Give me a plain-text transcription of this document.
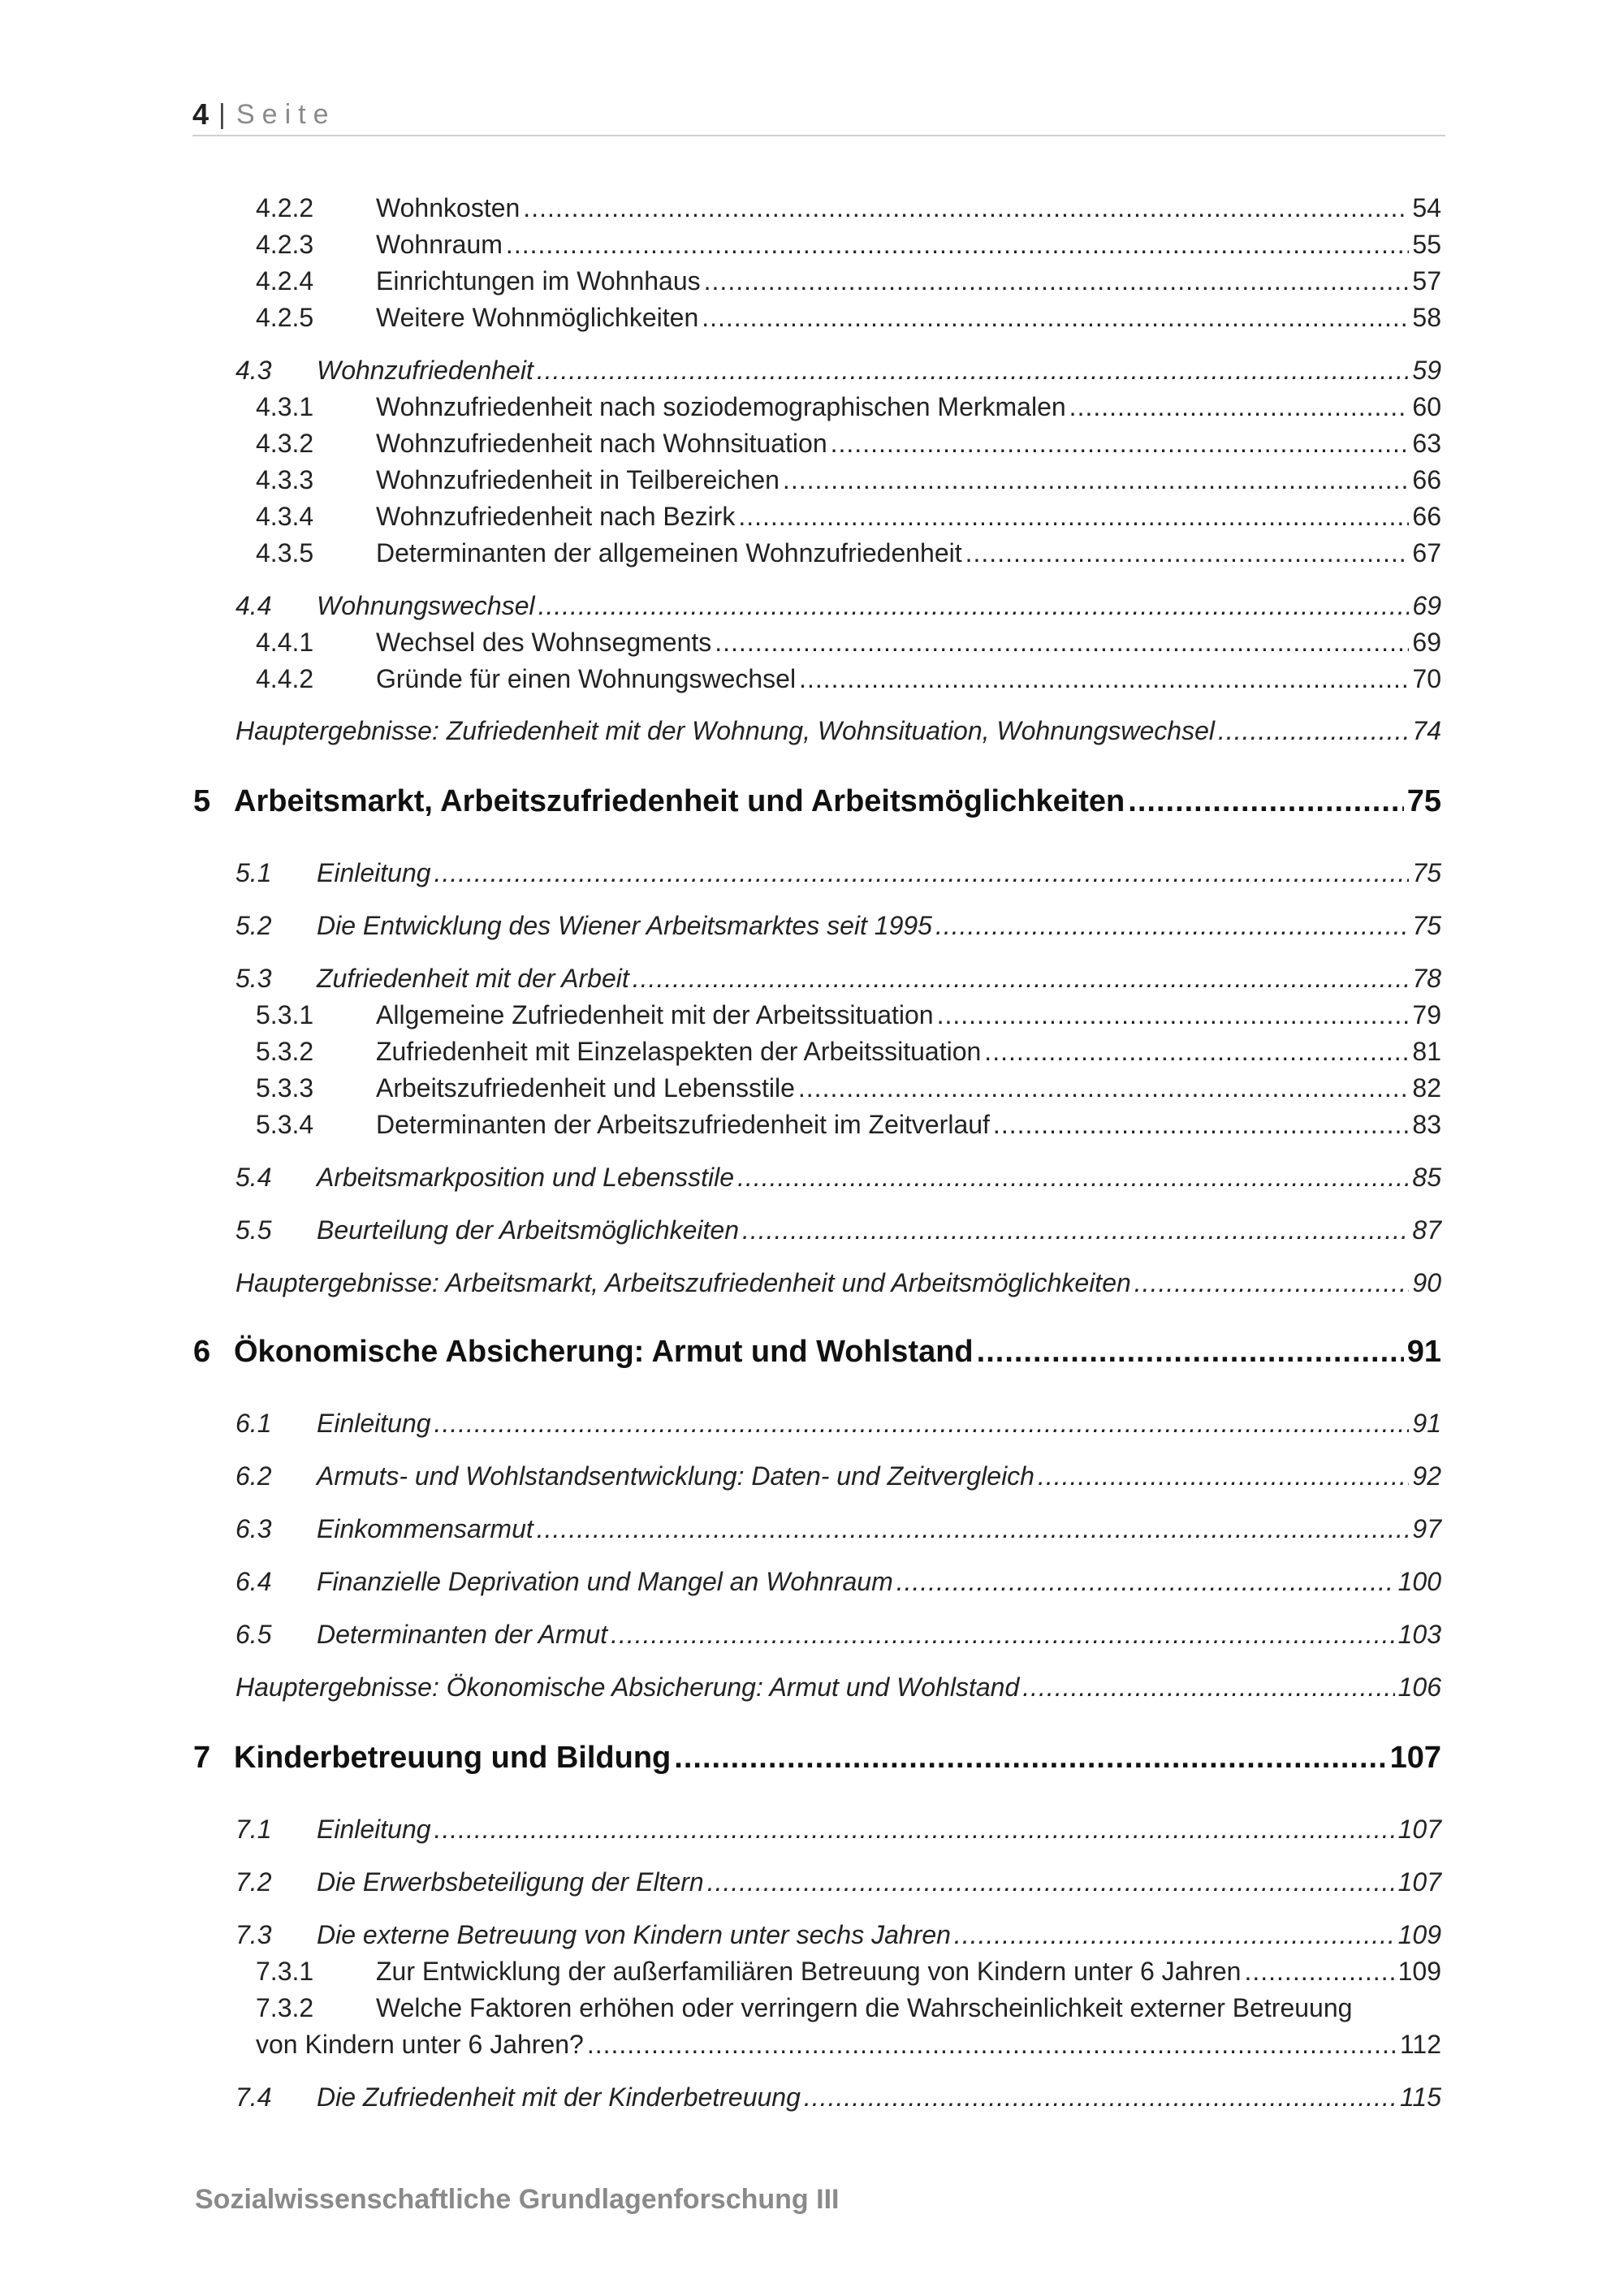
4 | Seite
4.2.2	Wohnkosten .....	54
4.2.3	Wohnraum .....	55
4.2.4	Einrichtungen im Wohnhaus .....	57
4.2.5	Weitere Wohnmöglichkeiten .....	58
4.3	Wohnzufriedenheit .....	59
4.3.1	Wohnzufriedenheit nach soziodemographischen Merkmalen .....	60
4.3.2	Wohnzufriedenheit nach Wohnsituation .....	63
4.3.3	Wohnzufriedenheit in Teilbereichen .....	66
4.3.4	Wohnzufriedenheit nach Bezirk .....	66
4.3.5	Determinanten der allgemeinen Wohnzufriedenheit .....	67
4.4	Wohnungswechsel .....	69
4.4.1	Wechsel des Wohnsegments .....	69
4.4.2	Gründe für einen Wohnungswechsel .....	70
Hauptergebnisse: Zufriedenheit mit der Wohnung, Wohnsituation, Wohnungswechsel .....	74
5 Arbeitsmarkt, Arbeitszufriedenheit und Arbeitsmöglichkeiten .....	75
5.1	Einleitung .....	75
5.2	Die Entwicklung des Wiener Arbeitsmarktes seit 1995 .....	75
5.3	Zufriedenheit mit der Arbeit .....	78
5.3.1	Allgemeine Zufriedenheit mit der Arbeitssituation .....	79
5.3.2	Zufriedenheit mit Einzelaspekten der Arbeitssituation .....	81
5.3.3	Arbeitszufriedenheit und Lebensstile .....	82
5.3.4	Determinanten der Arbeitszufriedenheit im Zeitverlauf .....	83
5.4	Arbeitsmarkposition und Lebensstile .....	85
5.5	Beurteilung der Arbeitsmöglichkeiten .....	87
Hauptergebnisse: Arbeitsmarkt, Arbeitszufriedenheit und Arbeitsmöglichkeiten .....	90
6 Ökonomische Absicherung: Armut und Wohlstand .....	91
6.1	Einleitung .....	91
6.2	Armuts- und Wohlstandsentwicklung: Daten- und Zeitvergleich .....	92
6.3	Einkommensarmut .....	97
6.4	Finanzielle Deprivation und Mangel an Wohnraum .....	100
6.5	Determinanten der Armut .....	103
Hauptergebnisse: Ökonomische Absicherung: Armut und Wohlstand .....	106
7 Kinderbetreuung und Bildung .....	107
7.1	Einleitung .....	107
7.2	Die Erwerbsbeteiligung der Eltern .....	107
7.3	Die externe Betreuung von Kindern unter sechs Jahren .....	109
7.3.1	Zur Entwicklung der außerfamiliären Betreuung von Kindern unter 6 Jahren .....	109
7.3.2	Welche Faktoren erhöhen oder verringern die Wahrscheinlichkeit externer Betreuung
von Kindern unter 6 Jahren? .....	112
7.4	Die Zufriedenheit mit der Kinderbetreuung .....	115
Sozialwissenschaftliche Grundlagenforschung III
